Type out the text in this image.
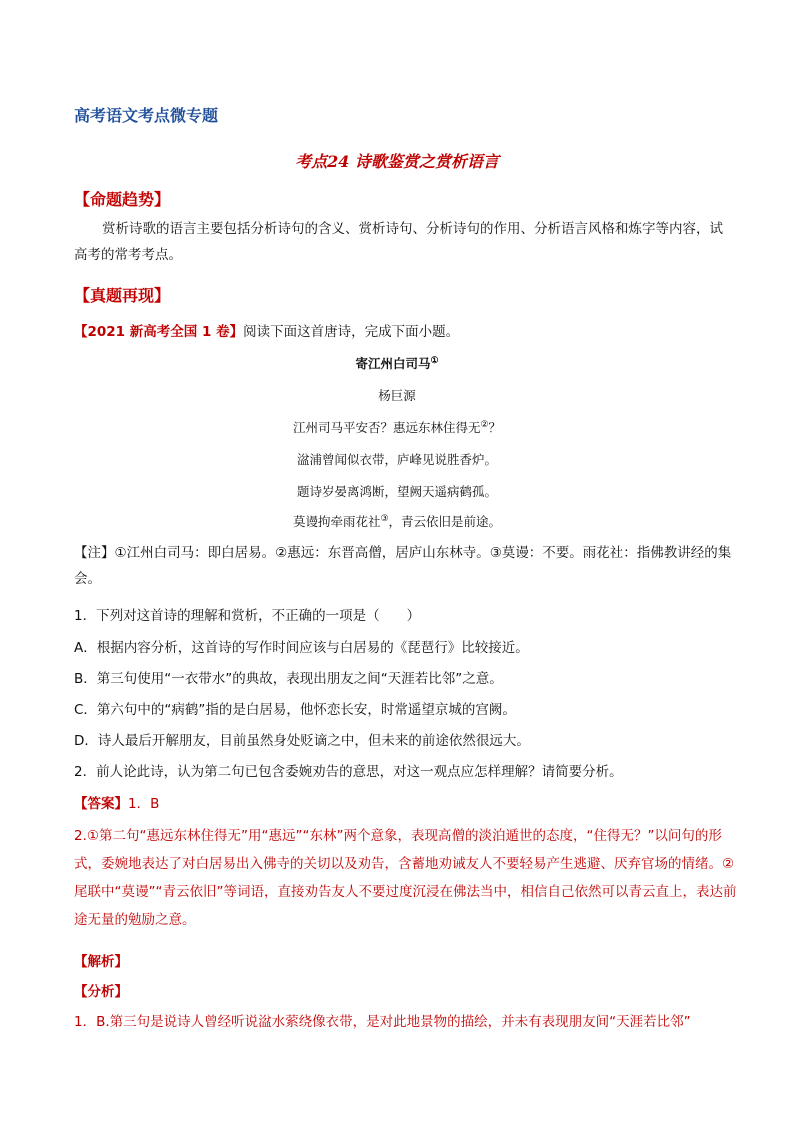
高考语文考点微专题
考点24 诗歌鉴赏之赏析语言
【命题趋势】
赏析诗歌的语言主要包括分析诗句的含义、赏析诗句、分析诗句的作用、分析语言风格和炼字等内容，试高考的常考考点。
【真题再现】
【2021 新高考全国 1 卷】阅读下面这首唐诗，完成下面小题。
寄江州白司马①
杨巨源
江州司马平安否？惠远东林住得无②？
湓浦曾闻似衣带，庐峰见说胜香炉。
题诗岁晏离鸿断，望阙天遥病鹤孤。
莫谩拘牵雨花社③，青云依旧是前途。
【注】①江州白司马：即白居易。②惠远：东晋高僧，居庐山东林寺。③莫谩：不要。雨花社：指佛教讲经的集会。
1．下列对这首诗的理解和赏析，不正确的一项是（　　）
A．根据内容分析，这首诗的写作时间应该与白居易的《琵琶行》比较接近。
B．第三句使用“一衣带水”的典故，表现出朋友之间“天涯若比邻”之意。
C．第六句中的“病鹤”指的是白居易，他怀恋长安，时常遥望京城的宫阙。
D．诗人最后开解朋友，目前虽然身处贬谪之中，但未来的前途依然很远大。
2．前人论此诗，认为第二句已包含委婉劝告的意思，对这一观点应怎样理解？请简要分析。
【答案】1．B
2.①第二句“惠远东林住得无”用“惠远”“东林”两个意象，表现高僧的淡泊遁世的态度，“住得无？”以问句的形式，委婉地表达了对白居易出入佛寺的关切以及劝告，含蓄地劝诫友人不要轻易产生逃避、厌弃官场的情绪。②尾联中“莫谩”“青云依旧”等词语，直接劝告友人不要过度沉浸在佛法当中，相信自己依然可以青云直上，表达前途无量的勉励之意。
【解析】
【分析】
1．B.第三句是说诗人曾经听说湓水萦绕像衣带，是对此地景物的描绘，并未有表现朋友间“天涯若比邻”
